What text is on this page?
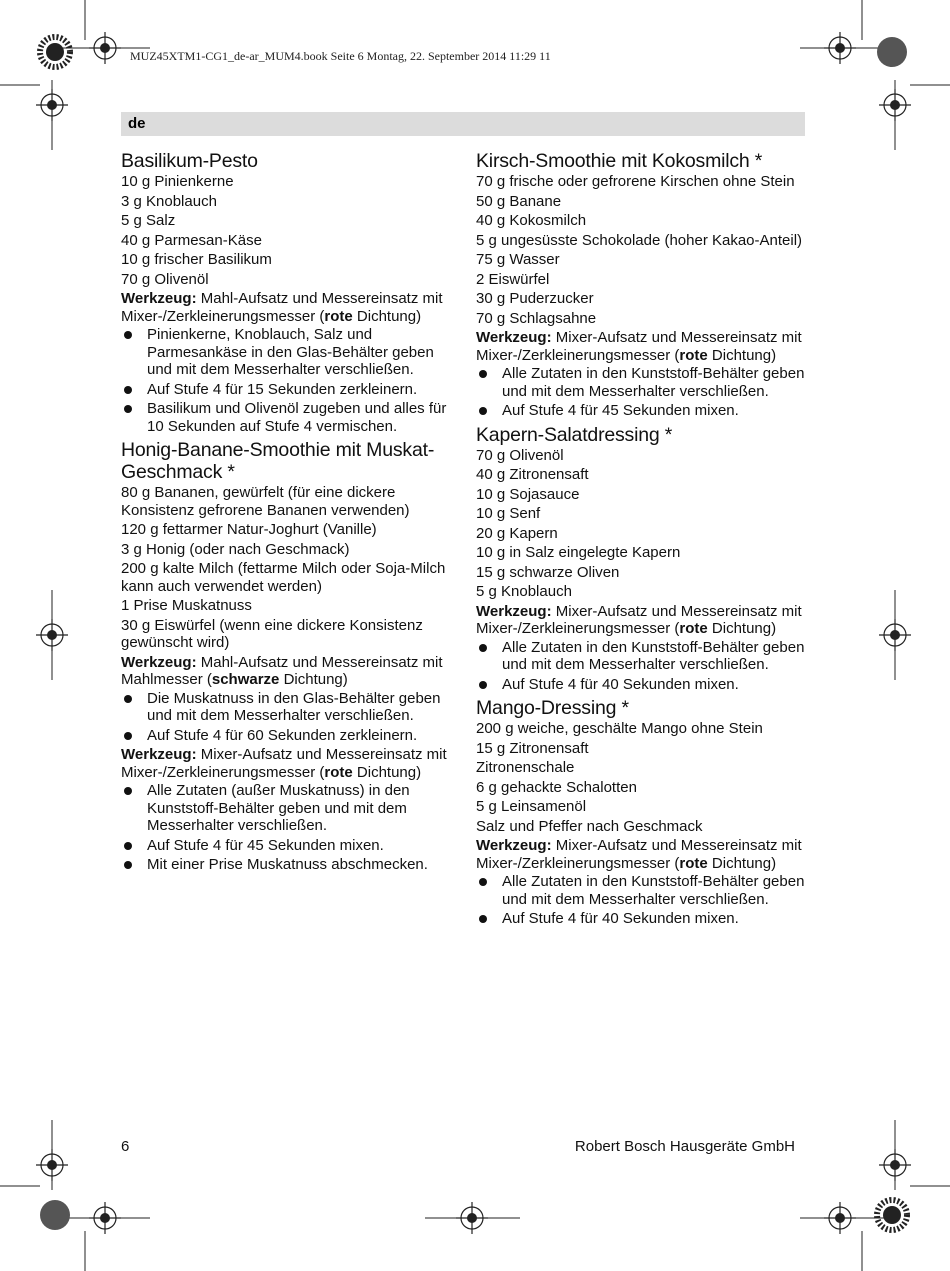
MUZ45XTM1-CG1_de-ar_MUM4.book Seite 6 Montag, 22. September 2014 11:29 11
de
Basilikum-Pesto
10 g Pinienkerne
3 g Knoblauch
5 g Salz
40 g Parmesan-Käse
10 g frischer Basilikum
70 g Olivenöl
Werkzeug: Mahl-Aufsatz und Messereinsatz mit Mixer-/Zerkleinerungsmesser (rote Dichtung)
Pinienkerne, Knoblauch, Salz und Parmesankäse in den Glas-Behälter geben und mit dem Messerhalter verschließen.
Auf Stufe 4 für 15 Sekunden zerkleinern.
Basilikum und Olivenöl zugeben und alles für 10 Sekunden auf Stufe 4 vermischen.
Honig-Banane-Smoothie mit Muskat-Geschmack *
80 g Bananen, gewürfelt (für eine dickere Konsistenz gefrorene Bananen verwenden)
120 g fettarmer Natur-Joghurt (Vanille)
3 g Honig (oder nach Geschmack)
200 g kalte Milch (fettarme Milch oder Soja-Milch kann auch verwendet werden)
1 Prise Muskatnuss
30 g Eiswürfel (wenn eine dickere Konsistenz gewünscht wird)
Werkzeug: Mahl-Aufsatz und Messereinsatz mit Mahlmesser (schwarze Dichtung)
Die Muskatnuss in den Glas-Behälter geben und mit dem Messerhalter verschließen.
Auf Stufe 4 für 60 Sekunden zerkleinern.
Werkzeug: Mixer-Aufsatz und Messereinsatz mit Mixer-/Zerkleinerungsmesser (rote Dichtung)
Alle Zutaten (außer Muskatnuss) in den Kunststoff-Behälter geben und mit dem Messerhalter verschließen.
Auf Stufe 4 für 45 Sekunden mixen.
Mit einer Prise Muskatnuss abschmecken.
Kirsch-Smoothie mit Kokosmilch *
70 g frische oder gefrorene Kirschen ohne Stein
50 g Banane
40 g Kokosmilch
5 g ungesüsste Schokolade (hoher Kakao-Anteil)
75 g Wasser
2 Eiswürfel
30 g Puderzucker
70 g Schlagsahne
Werkzeug: Mixer-Aufsatz und Messereinsatz mit Mixer-/Zerkleinerungsmesser (rote Dichtung)
Alle Zutaten in den Kunststoff-Behälter geben und mit dem Messerhalter verschließen.
Auf Stufe 4 für 45 Sekunden mixen.
Kapern-Salatdressing *
70 g Olivenöl
40 g Zitronensaft
10 g Sojasauce
10 g Senf
20 g Kapern
10 g in Salz eingelegte Kapern
15 g schwarze Oliven
5 g Knoblauch
Werkzeug: Mixer-Aufsatz und Messereinsatz mit Mixer-/Zerkleinerungsmesser (rote Dichtung)
Alle Zutaten in den Kunststoff-Behälter geben und mit dem Messerhalter verschließen.
Auf Stufe 4 für 40 Sekunden mixen.
Mango-Dressing *
200 g weiche, geschälte Mango ohne Stein
15 g Zitronensaft
Zitronenschale
6 g gehackte Schalotten
5 g Leinsamenöl
Salz und Pfeffer nach Geschmack
Werkzeug: Mixer-Aufsatz und Messereinsatz mit Mixer-/Zerkleinerungsmesser (rote Dichtung)
Alle Zutaten in den Kunststoff-Behälter geben und mit dem Messerhalter verschließen.
Auf Stufe 4 für 40 Sekunden mixen.
6	Robert Bosch Hausgeräte GmbH
